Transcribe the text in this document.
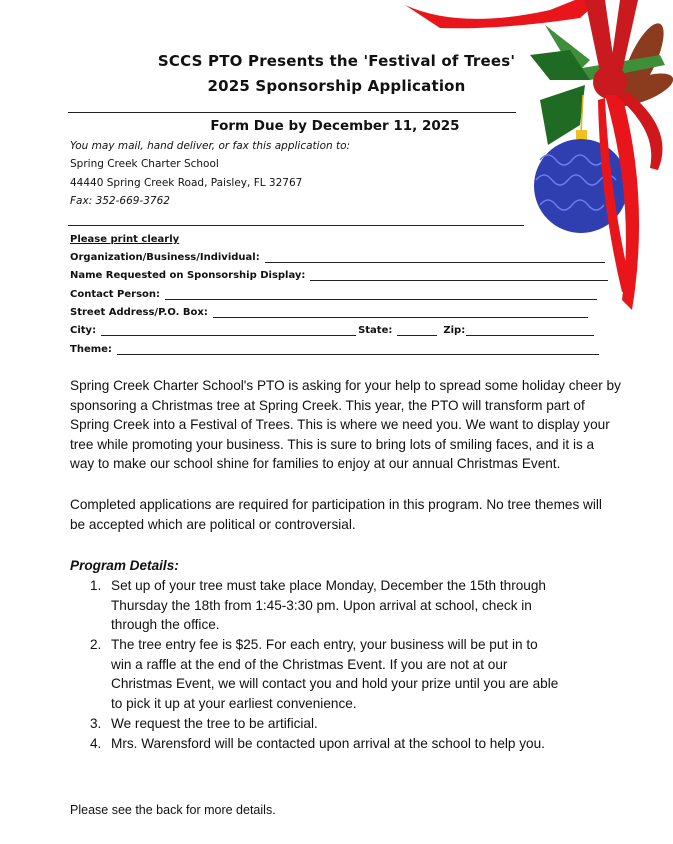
SCCS PTO Presents the 'Festival of Trees'
2025 Sponsorship Application
Form Due by December 11, 2025
You may mail, hand deliver, or fax this application to:
Spring Creek Charter School
44440 Spring Creek Road, Paisley, FL 32767
Fax: 352-669-3762
Please print clearly
Organization/Business/Individual:
Name Requested on Sponsorship Display:
Contact Person:
Street Address/P.O. Box:
City:	State:	Zip:
Theme:
Spring Creek Charter School's PTO is asking for your help to spread some holiday cheer by
sponsoring a Christmas tree at Spring Creek. This year, the PTO will transform part of
Spring Creek into a Festival of Trees. This is where we need you. We want to display your
tree while promoting your business. This is sure to bring lots of smiling faces, and it is a
way to make our school shine for families to enjoy at our annual Christmas Event.
Completed applications are required for participation in this program. No tree themes will
be accepted which are political or controversial.
Program Details:
1. Set up of your tree must take place Monday, December the 15th through
Thursday the 18th from 1:45-3:30 pm. Upon arrival at school, check in
through the office.
2. The tree entry fee is $25. For each entry, your business will be put in to
win a raffle at the end of the Christmas Event. If you are not at our
Christmas Event, we will contact you and hold your prize until you are able
to pick it up at your earliest convenience.
3. We request the tree to be artificial.
4. Mrs. Warensford will be contacted upon arrival at the school to help you.
Please see the back for more details.
